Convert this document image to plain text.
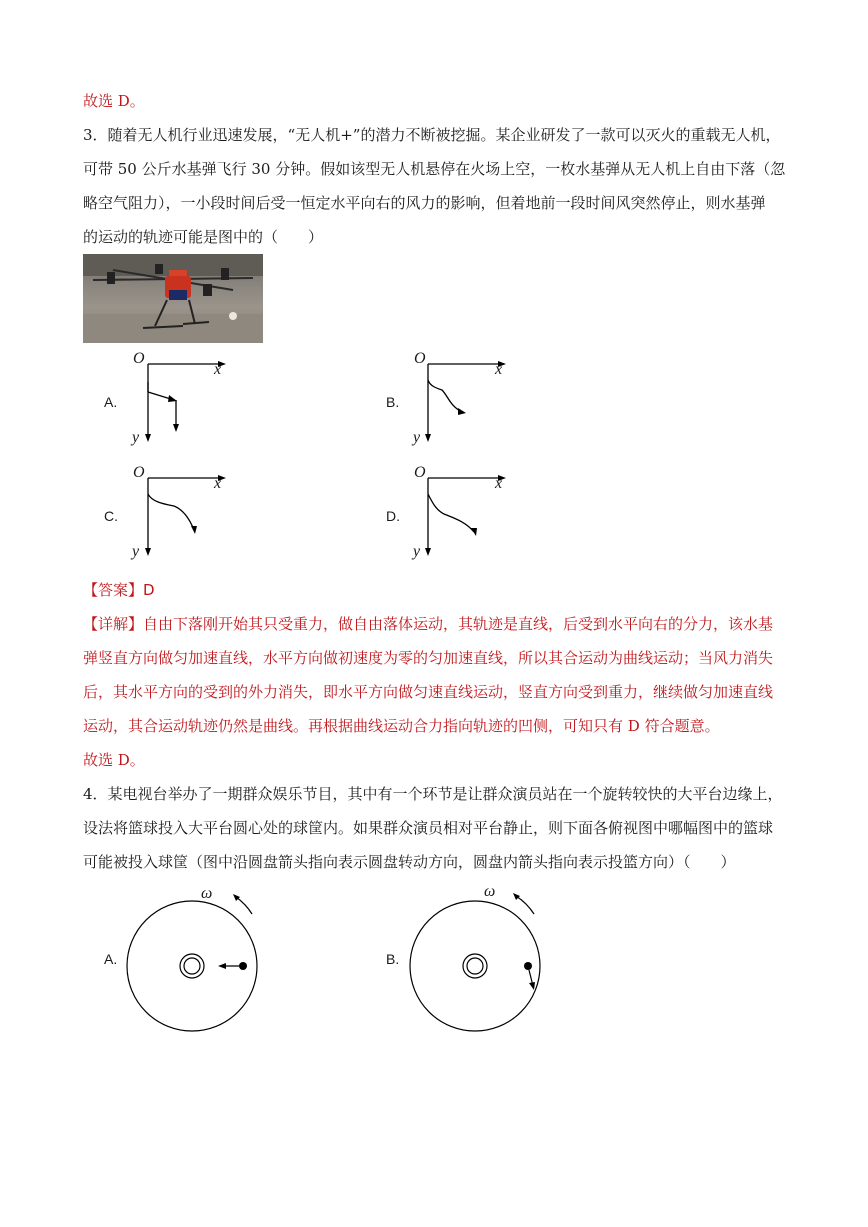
故选 D。
3．随着无人机行业迅速发展，“无人机+”的潜力不断被挖掘。某企业研发了一款可以灭火的重载无人机，
可带 50 公斤水基弹飞行 30 分钟。假如该型无人机悬停在火场上空，一枚水基弹从无人机上自由下落（忽
略空气阻力），一小段时间后受一恒定水平向右的风力的影响，但着地前一段时间风突然停止，则水基弹
的运动的轨迹可能是图中的（　　）
A.
O
x
y
B.
O
x
y
C.
O
x
y
D.
O
x
y
【答案】D
【详解】自由下落刚开始其只受重力，做自由落体运动，其轨迹是直线，后受到水平向右的分力，该水基
弹竖直方向做匀加速直线，水平方向做初速度为零的匀加速直线，所以其合运动为曲线运动；当风力消失
后，其水平方向的受到的外力消失，即水平方向做匀速直线运动，竖直方向受到重力，继续做匀加速直线
运动，其合运动轨迹仍然是曲线。再根据曲线运动合力指向轨迹的凹侧，可知只有 D 符合题意。
故选 D。
4．某电视台举办了一期群众娱乐节目，其中有一个环节是让群众演员站在一个旋转较快的大平台边缘上，
设法将篮球投入大平台圆心处的球筐内。如果群众演员相对平台静止，则下面各俯视图中哪幅图中的篮球
可能被投入球筐（图中沿圆盘箭头指向表示圆盘转动方向，圆盘内箭头指向表示投篮方向）（　　）
A.
ω
B.
ω
